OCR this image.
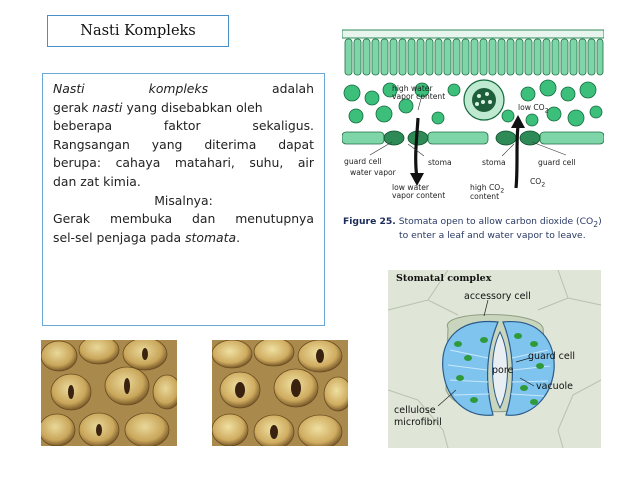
Nasti Kompleks
Nasti	kompleks	adalah
gerak nasti yang disebabkan oleh
beberapa	faktor	sekaligus.
Rangsangan yang diterima dapat
berupa: cahaya matahari, suhu, air
dan zat kimia.
Misalnya:
Gerak membuka dan menutupnya
sel-sel penjaga pada stomata.
high water
vapor content
low $CO_2$
guard cell
water vapor
stoma	stoma	guard cell
low water
vapor content
high $CO_2$
content
$CO_2$
Figure 25. Stomata open to allow carbon dioxide $(CO_2)$
to enter a leaf and water vapor to leave.
Stomatal complex
accessory cell
guard cell
pore
vacuole
cellulose
microfibril
